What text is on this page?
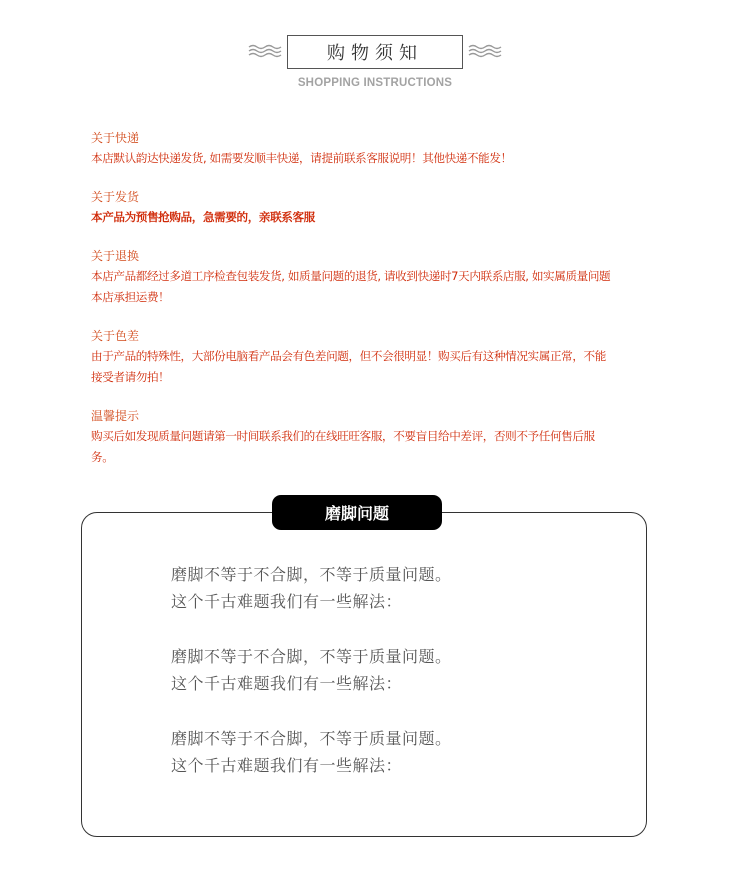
购物须知
SHOPPING INSTRUCTIONS
关于快递
本店默认韵达快递发货, 如需要发顺丰快递，请提前联系客服说明！其他快递不能发！
关于发货
本产品为预售抢购品，急需要的，亲联系客服
关于退换
本店产品都经过多道工序检查包装发货, 如质量问题的退货, 请收到快递时7天内联系店服, 如实属质量问题
本店承担运费！
关于色差
由于产品的特殊性，大部份电脑看产品会有色差问题，但不会很明显！购买后有这种情况实属正常，不能
接受者请勿拍！
温馨提示
购买后如发现质量问题请第一时间联系我们的在线旺旺客服，不要盲目给中差评，否则不予任何售后服
务。
磨脚问题
磨脚不等于不合脚，不等于质量问题。
这个千古难题我们有一些解法：
磨脚不等于不合脚，不等于质量问题。
这个千古难题我们有一些解法：
磨脚不等于不合脚，不等于质量问题。
这个千古难题我们有一些解法：
